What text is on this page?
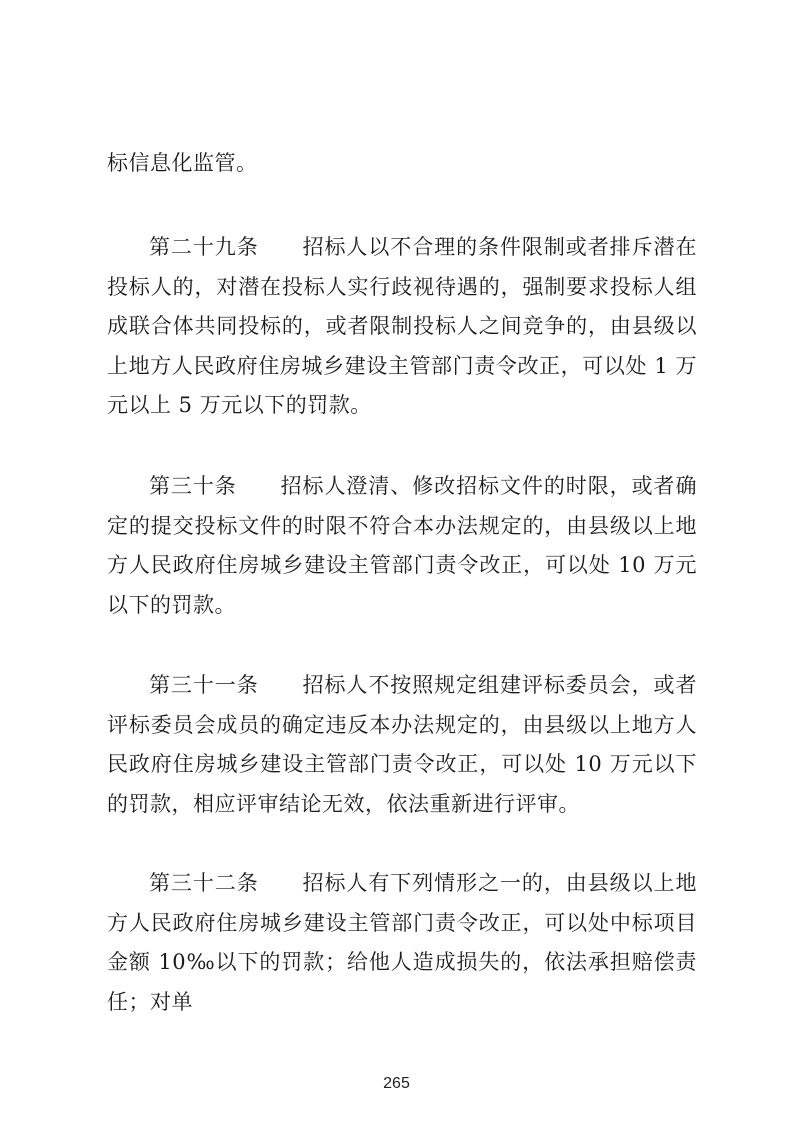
标信息化监管。

第二十九条　　 招标人以不合理的条件限制或者排斥潜在投标人的，对潜在投标人实行歧视待遇的，强制要求投标人组成联合体共同投标的，或者限制投标人之间竞争的，由县级以上地方人民政府住房城乡建设主管部门责令改正，可以处 1 万元以上 5 万元以下的罚款。

第三十条　　 招标人澄清、修改招标文件的时限，或者确定的提交投标文件的时限不符合本办法规定的，由县级以上地方人民政府住房城乡建设主管部门责令改正，可以处 10 万元以下的罚款。

第三十一条　　 招标人不按照规定组建评标委员会，或者评标委员会成员的确定违反本办法规定的，由县级以上地方人民政府住房城乡建设主管部门责令改正，可以处 10 万元以下的罚款，相应评审结论无效，依法重新进行评审。

第三十二条　　 招标人有下列情形之一的，由县级以上地方人民政府住房城乡建设主管部门责令改正，可以处中标项目金额 10‰以下的罚款；给他人造成损失的，依法承担赔偿责任；对单

265
